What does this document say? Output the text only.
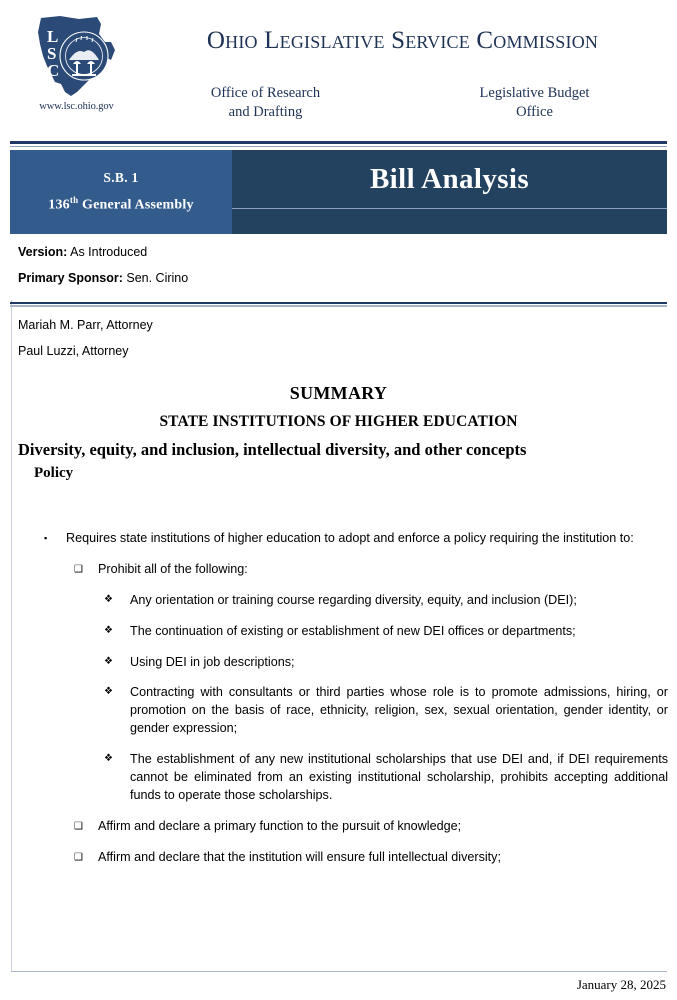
L
S
C
www.lsc.ohio.gov
Ohio Legislative Service Commission
Office of Research
and Drafting
Legislative Budget
Office
S.B. 1
136th General Assembly
Bill Analysis
Version: As Introduced
Primary Sponsor: Sen. Cirino
Mariah M. Parr, Attorney
Paul Luzzi, Attorney
SUMMARY
STATE INSTITUTIONS OF HIGHER EDUCATION
Diversity, equity, and inclusion, intellectual diversity, and other concepts
Policy
▪	Requires state institutions of higher education to adopt and enforce a policy requiring the institution to:
❑	Prohibit all of the following:
❖	Any orientation or training course regarding diversity, equity, and inclusion (DEI);
❖	The continuation of existing or establishment of new DEI offices or departments;
❖	Using DEI in job descriptions;
❖	Contracting with consultants or third parties whose role is to promote admissions, hiring, or promotion on the basis of race, ethnicity, religion, sex, sexual orientation, gender identity, or gender expression;
❖	The establishment of any new institutional scholarships that use DEI and, if DEI requirements cannot be eliminated from an existing institutional scholarship, prohibits accepting additional funds to operate those scholarships.
❑	Affirm and declare a primary function to the pursuit of knowledge;
❑	Affirm and declare that the institution will ensure full intellectual diversity;
January 28, 2025
